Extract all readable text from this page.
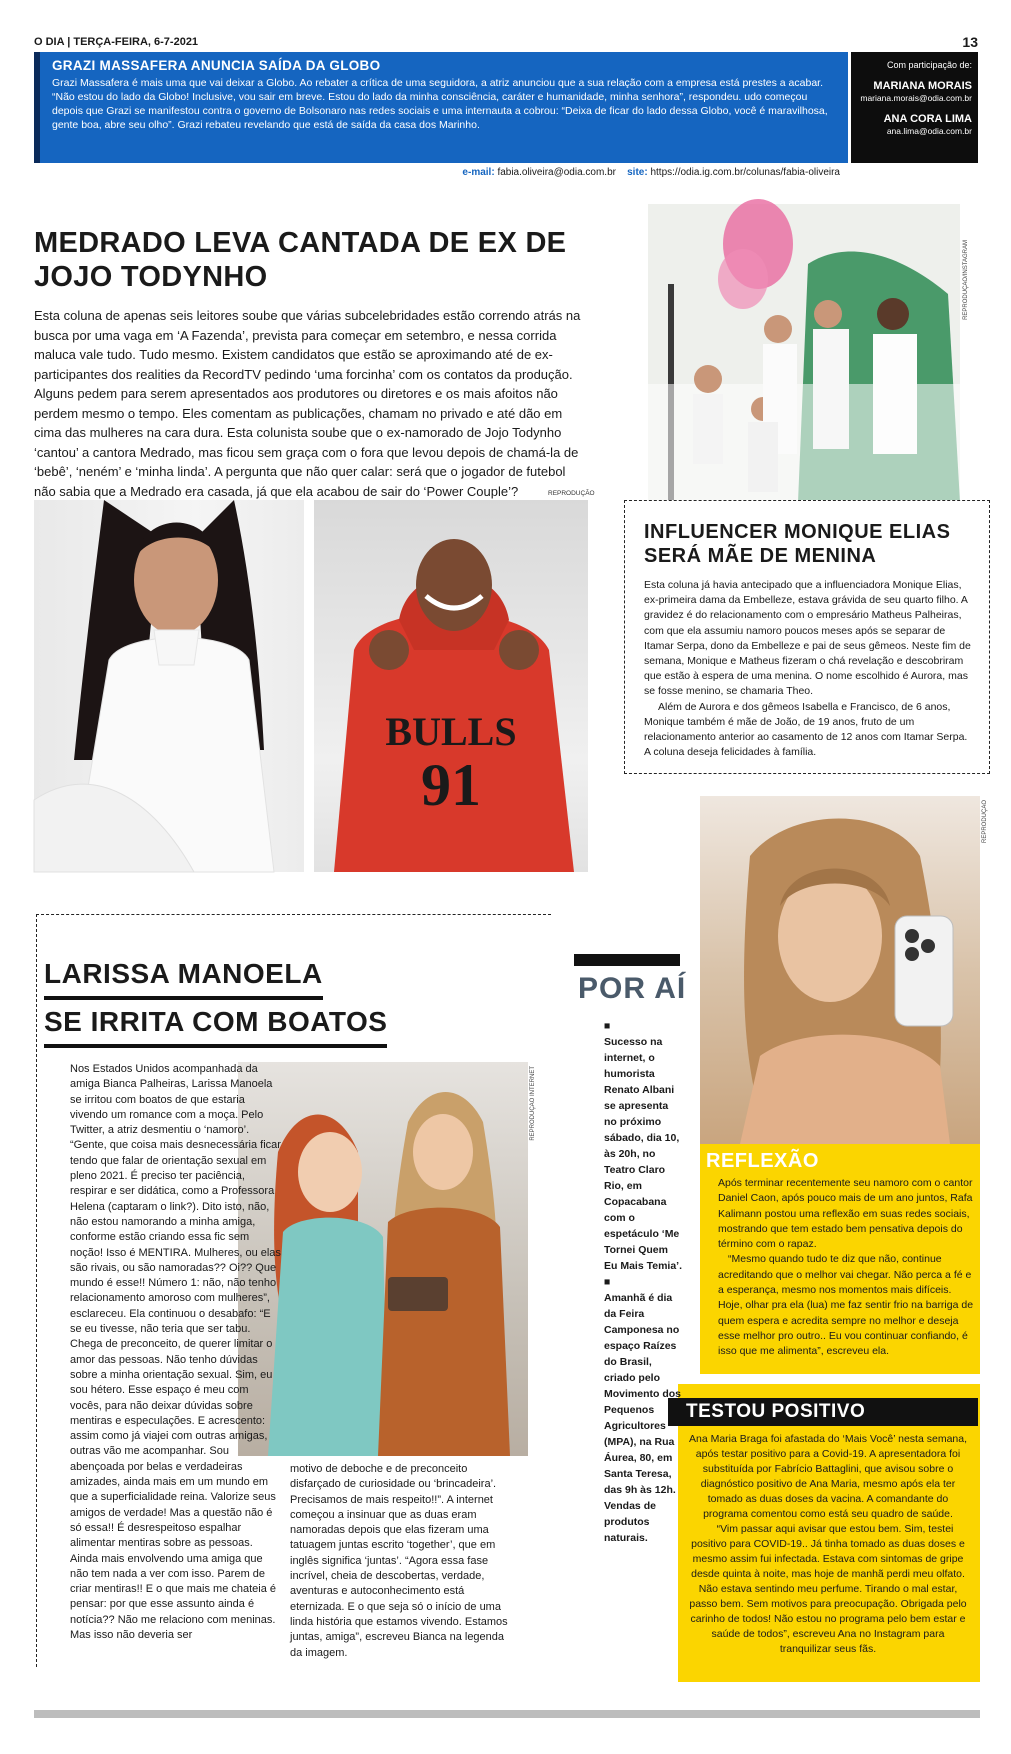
O DIA | TERÇA-FEIRA, 6-7-2021	13
GRAZI MASSAFERA ANUNCIA SAÍDA DA GLOBO

Grazi Massafera é mais uma que vai deixar a Globo. Ao rebater a crítica de uma seguidora, a atriz anunciou que a sua relação com a empresa está prestes a acabar. “Não estou do lado da Globo! Inclusive, vou sair em breve. Estou do lado da minha consciência, caráter e humanidade, minha senhora”, respondeu. udo começou depois que Grazi se manifestou contra o governo de Bolsonaro nas redes sociais e uma internauta a cobrou: “Deixa de ficar do lado dessa Globo, você é maravilhosa, gente boa, abre seu olho”. Grazi rebateu revelando que está de saída da casa dos Marinho.

Com participação de:
MARIANA MORAIS
mariana.morais@odia.com.br
ANA CORA LIMA
ana.lima@odia.com.br
e-mail: fabia.oliveira@odia.com.br site: https://odia.ig.com.br/colunas/fabia-oliveira
MEDRADO LEVA CANTADA DE EX DE JOJO TODYNHO

Esta coluna de apenas seis leitores soube que várias subcelebridades estão correndo atrás na busca por uma vaga em ‘A Fazenda’, prevista para começar em setembro, e nessa corrida maluca vale tudo. Tudo mesmo. Existem candidatos que estão se aproximando até de ex-participantes dos realities da RecordTV pedindo ‘uma forcinha’ com os contatos da produção. Alguns pedem para serem apresentados aos produtores ou diretores e os mais afoitos não perdem mesmo o tempo. Eles comentam as publicações, chamam no privado e até dão em cima das mulheres na cara dura. Esta colunista soube que o ex-namorado de Jojo Todynho ‘cantou’ a cantora Medrado, mas ficou sem graça com o fora que levou depois de chamá-la de ‘bebê’, ‘neném’ e ‘minha linda’. A pergunta que não quer calar: será que o jogador de futebol não sabia que a Medrado era casada, já que ela acabou de sair do ‘Power Couple’?	REPRODUÇÃO
BULLS
91
REPRODUÇÃO/INSTAGRAM
INFLUENCER MONIQUE ELIAS SERÁ MÃE DE MENINA

Esta coluna já havia antecipado que a influenciadora Monique Elias, ex-primeira dama da Embelleze, estava grávida de seu quarto filho. A gravidez é do relacionamento com o empresário Matheus Palheiras, com que ela assumiu namoro poucos meses após se separar de Itamar Serpa, dono da Embelleze e pai de seus gêmeos. Neste fim de semana, Monique e Matheus fizeram o chá revelação e descobriram que estão à espera de uma menina. O nome escolhido é Aurora, mas se fosse menino, se chamaria Theo.
Além de Aurora e dos gêmeos Isabella e Francisco, de 6 anos, Monique também é mãe de João, de 19 anos, fruto de um relacionamento anterior ao casamento de 12 anos com Itamar Serpa. A coluna deseja felicidades à família.

REPRODUÇÃO
REFLEXÃO

Após terminar recentemente seu namoro com o cantor Daniel Caon, após pouco mais de um ano juntos, Rafa Kalimann postou uma reflexão em suas redes sociais, mostrando que tem estado bem pensativa depois do término com o rapaz.
“Mesmo quando tudo te diz que não, continue acreditando que o melhor vai chegar. Não perca a fé e a esperança, mesmo nos momentos mais difíceis. Hoje, olhar pra ela (lua) me faz sentir frio na barriga de quem espera e acredita sempre no melhor e deseja esse melhor pro outro.. Eu vou continuar confiando, é isso que me alimenta”, escreveu ela.

TESTOU POSITIVO

Ana Maria Braga foi afastada do ‘Mais Você’ nesta semana, após testar positivo para a Covid-19. A apresentadora foi substituída por Fabrício Battaglini, que avisou sobre o diagnóstico positivo de Ana Maria, mesmo após ela ter tomado as duas doses da vacina. A comandante do programa comentou como está seu quadro de saúde.
“Vim passar aqui avisar que estou bem. Sim, testei positivo para COVID-19.. Já tinha tomado as duas doses e mesmo assim fui infectada. Estava com sintomas de gripe desde quinta à noite, mas hoje de manhã perdi meu olfato. Não estava sentindo meu perfume. Tirando o mal estar, passo bem. Sem motivos para preocupação. Obrigada pelo carinho de todos! Não estou no programa pelo bem estar e saúde de todos”, escreveu Ana no Instagram para tranquilizar seus fãs.

POR AÍ

■
Sucesso na internet, o humorista Renato Albani se apresenta no próximo sábado, dia 10, às 20h, no Teatro Claro Rio, em Copacabana com o espetáculo ‘Me Tornei Quem Eu Mais Temia’.
■
Amanhã é dia da Feira Camponesa no espaço Raízes do Brasil, criado pelo Movimento dos Pequenos Agricultores (MPA), na Rua Áurea, 80, em Santa Teresa, das 9h às 12h. Vendas de produtos naturais.

LARISSA MANOELA
SE IRRITA COM BOATOS
REPRODUÇÃO INTERNET

Nos Estados Unidos acompanhada da amiga Bianca Palheiras, Larissa Manoela se irritou com boatos de que estaria vivendo um romance com a moça. Pelo Twitter, a atriz desmentiu o ‘namoro’. “Gente, que coisa mais desnecessária ficar tendo que falar de orientação sexual em pleno 2021. É preciso ter paciência, respirar e ser didática, como a Professora Helena (captaram o link?). Dito isto, não, não estou namorando a minha amiga, conforme estão criando essa fic sem noção! Isso é MENTIRA. Mulheres, ou elas são rivais, ou são namoradas?? Oi?? Que mundo é esse!! Número 1: não, não tenho relacionamento amoroso com mulheres”, esclareceu. Ela continuou o desabafo: “E se eu tivesse, não teria que ser tabu. Chega de preconceito, de querer limitar o amor das pessoas. Não tenho dúvidas sobre a minha orientação sexual. Sim, eu sou hétero. Esse espaço é meu com vocês, para não deixar dúvidas sobre mentiras e especulações. E acrescento: assim como já viajei com outras amigas, outras vão me acompanhar. Sou abençoada por belas e verdadeiras amizades, ainda mais em um mundo em que a superficialidade reina. Valorize seus amigos de verdade! Mas a questão não é só essa!! É desrespeitoso espalhar alimentar mentiras sobre as pessoas. Ainda mais envolvendo uma amiga que não tem nada a ver com isso. Parem de criar mentiras!! E o que mais me chateia é pensar: por que esse assunto ainda é notícia?? Não me relaciono com meninas. Mas isso não deveria ser

motivo de deboche e de preconceito disfarçado de curiosidade ou ‘brincadeira’. Precisamos de mais respeito!!”. A internet começou a insinuar que as duas eram namoradas depois que elas fizeram uma tatuagem juntas escrito ‘together’, que em inglês significa ‘juntas’. “Agora essa fase incrível, cheia de descobertas, verdade, aventuras e autoconhecimento está eternizada. E o que seja só o início de uma linda história que estamos vivendo. Estamos juntas, amiga”, escreveu Bianca na legenda da imagem.
